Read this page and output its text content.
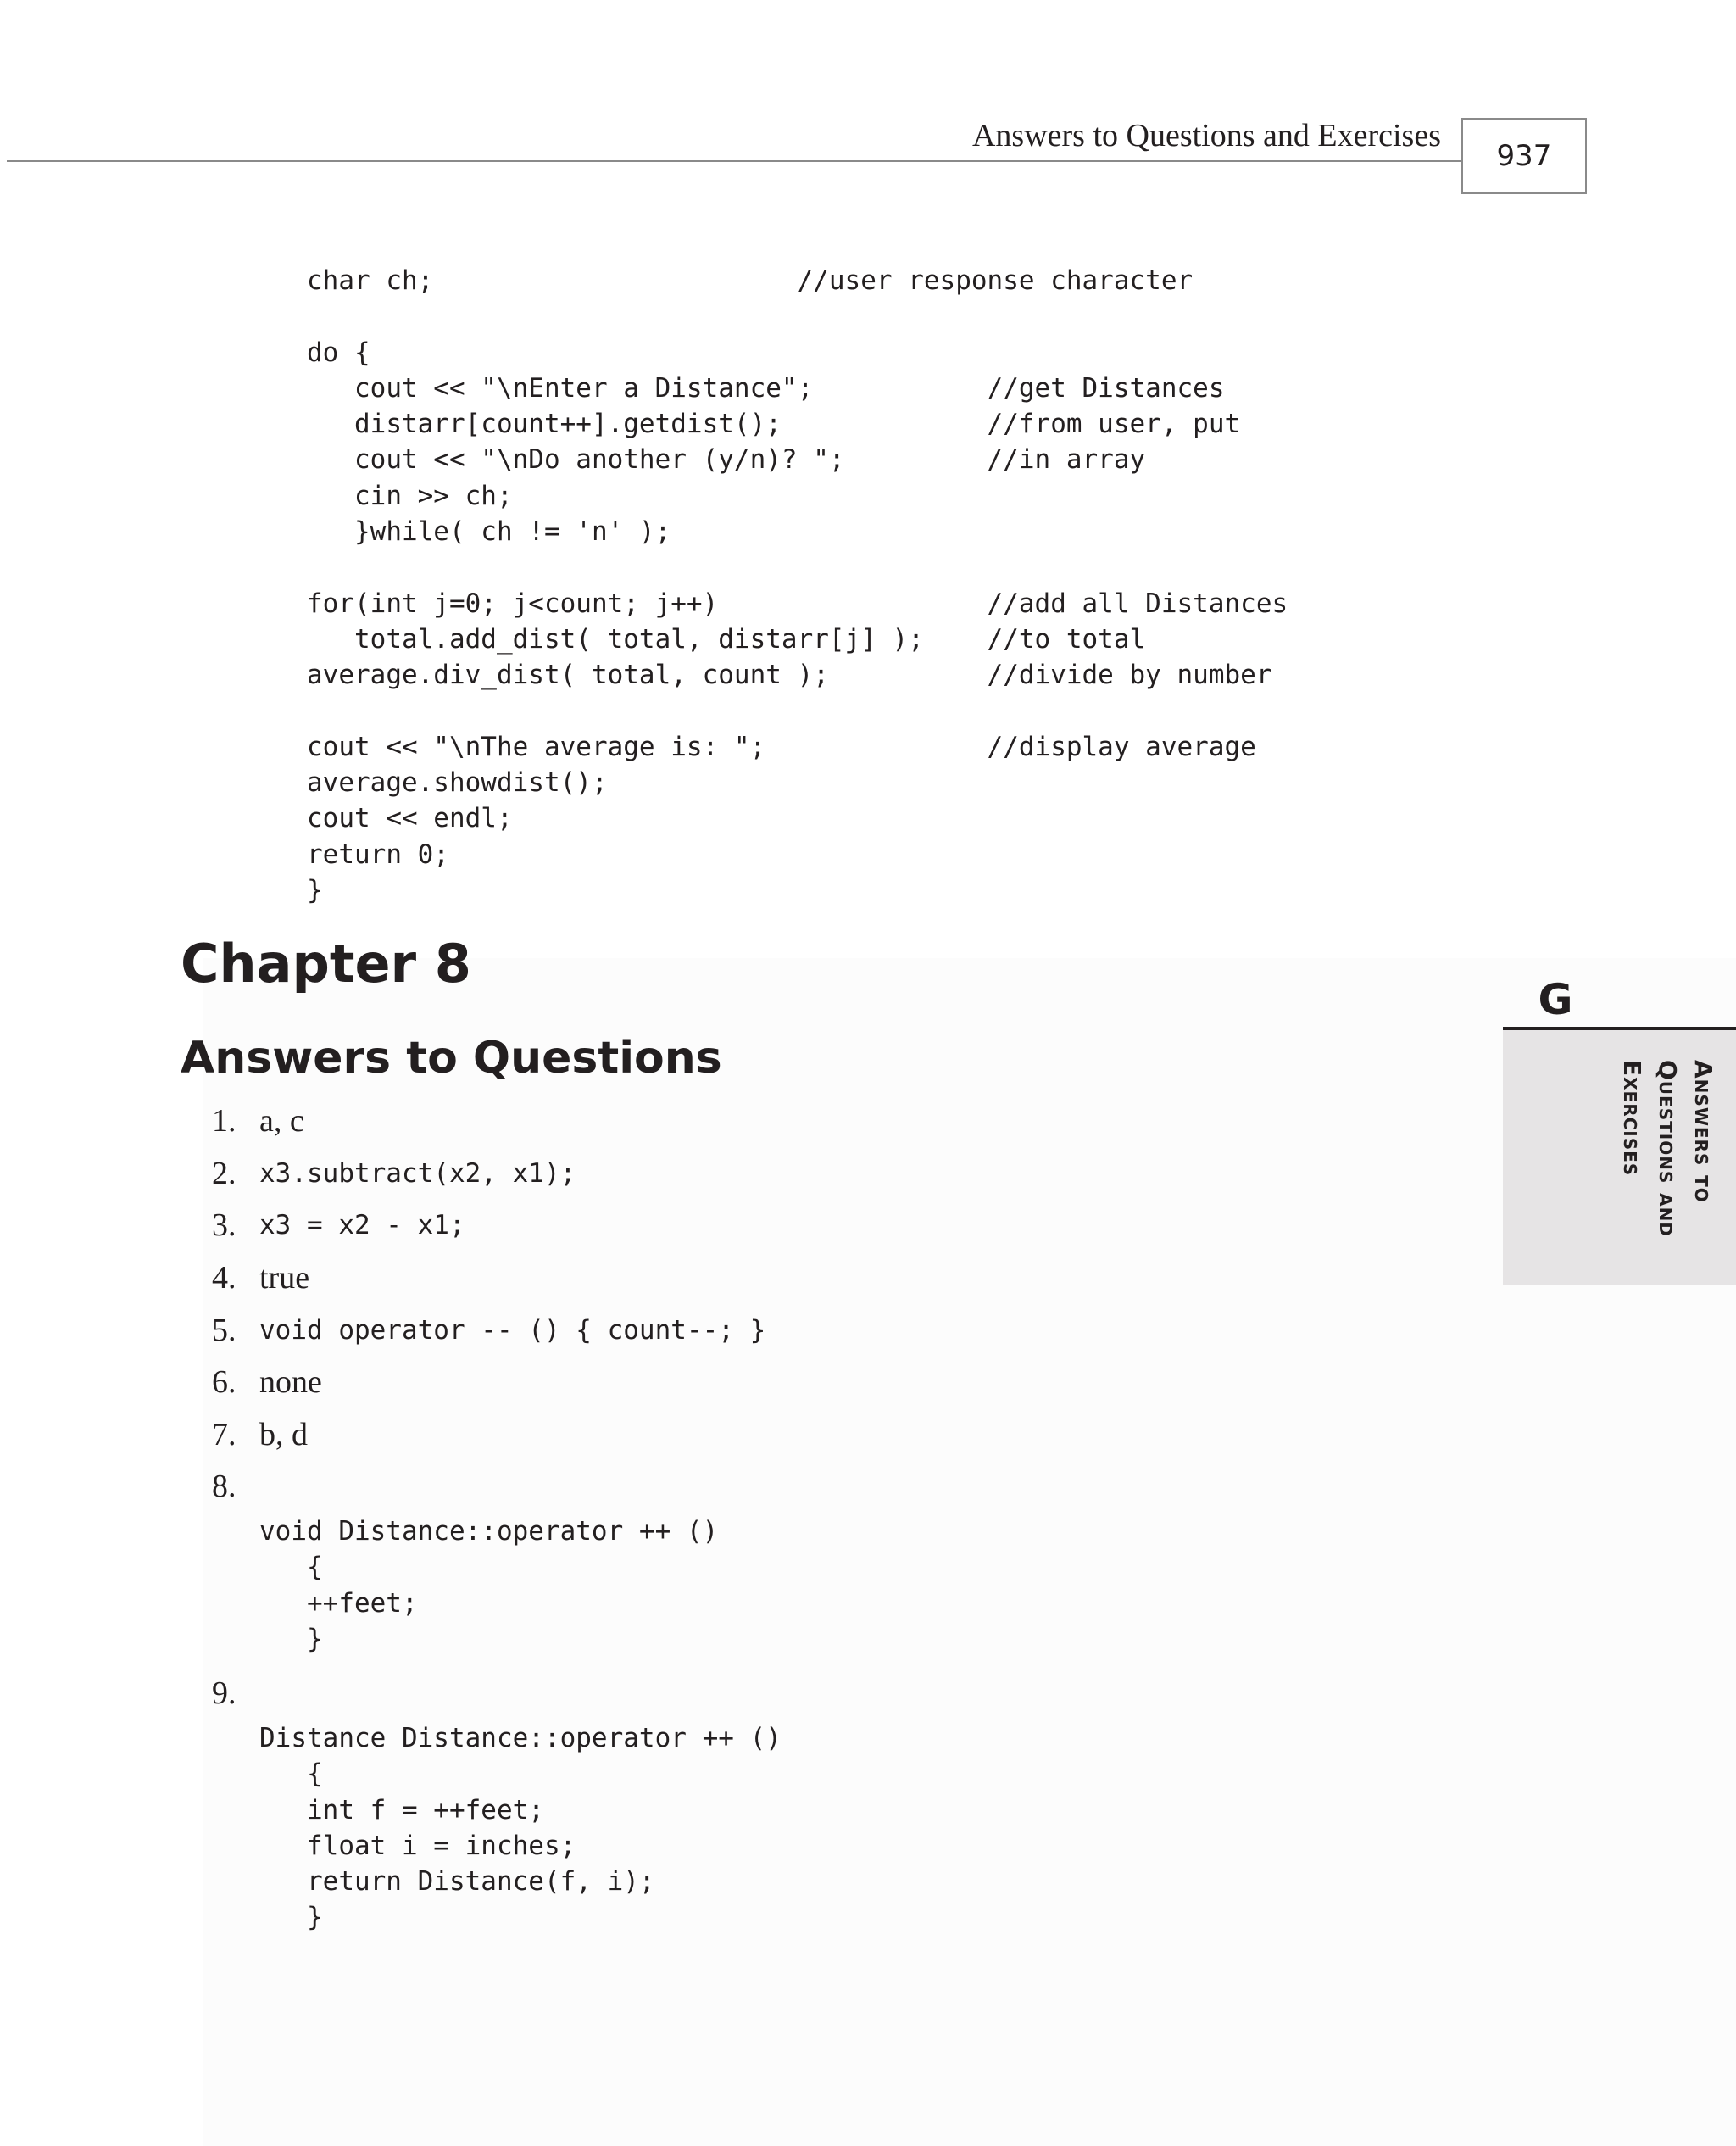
Answers to Questions and Exercises
937
char ch;                       //user response character

do {
cout << "\nEnter a Distance";           //get Distances
distarr[count++].getdist();             //from user, put
cout << "\nDo another (y/n)? ";         //in array
cin >> ch;
}while( ch != 'n' );

for(int j=0; j<count; j++)                 //add all Distances
total.add_dist( total, distarr[j] );    //to total
average.div_dist( total, count );          //divide by number

cout << "\nThe average is: ";              //display average
average.showdist();
cout << endl;
return 0;
}
Chapter 8
Answers to Questions
1. a, c
2. x3.subtract(x2, x1);
3. x3 = x2 - x1;
4. true
5. void operator -- () { count--; }
6. none
7. b, d
8.
void Distance::operator ++ ()
{
++feet;
}
9.
Distance Distance::operator ++ ()
{
int f = ++feet;
float i = inches;
return Distance(f, i);
}
G
Answers to
Questions and
Exercises
